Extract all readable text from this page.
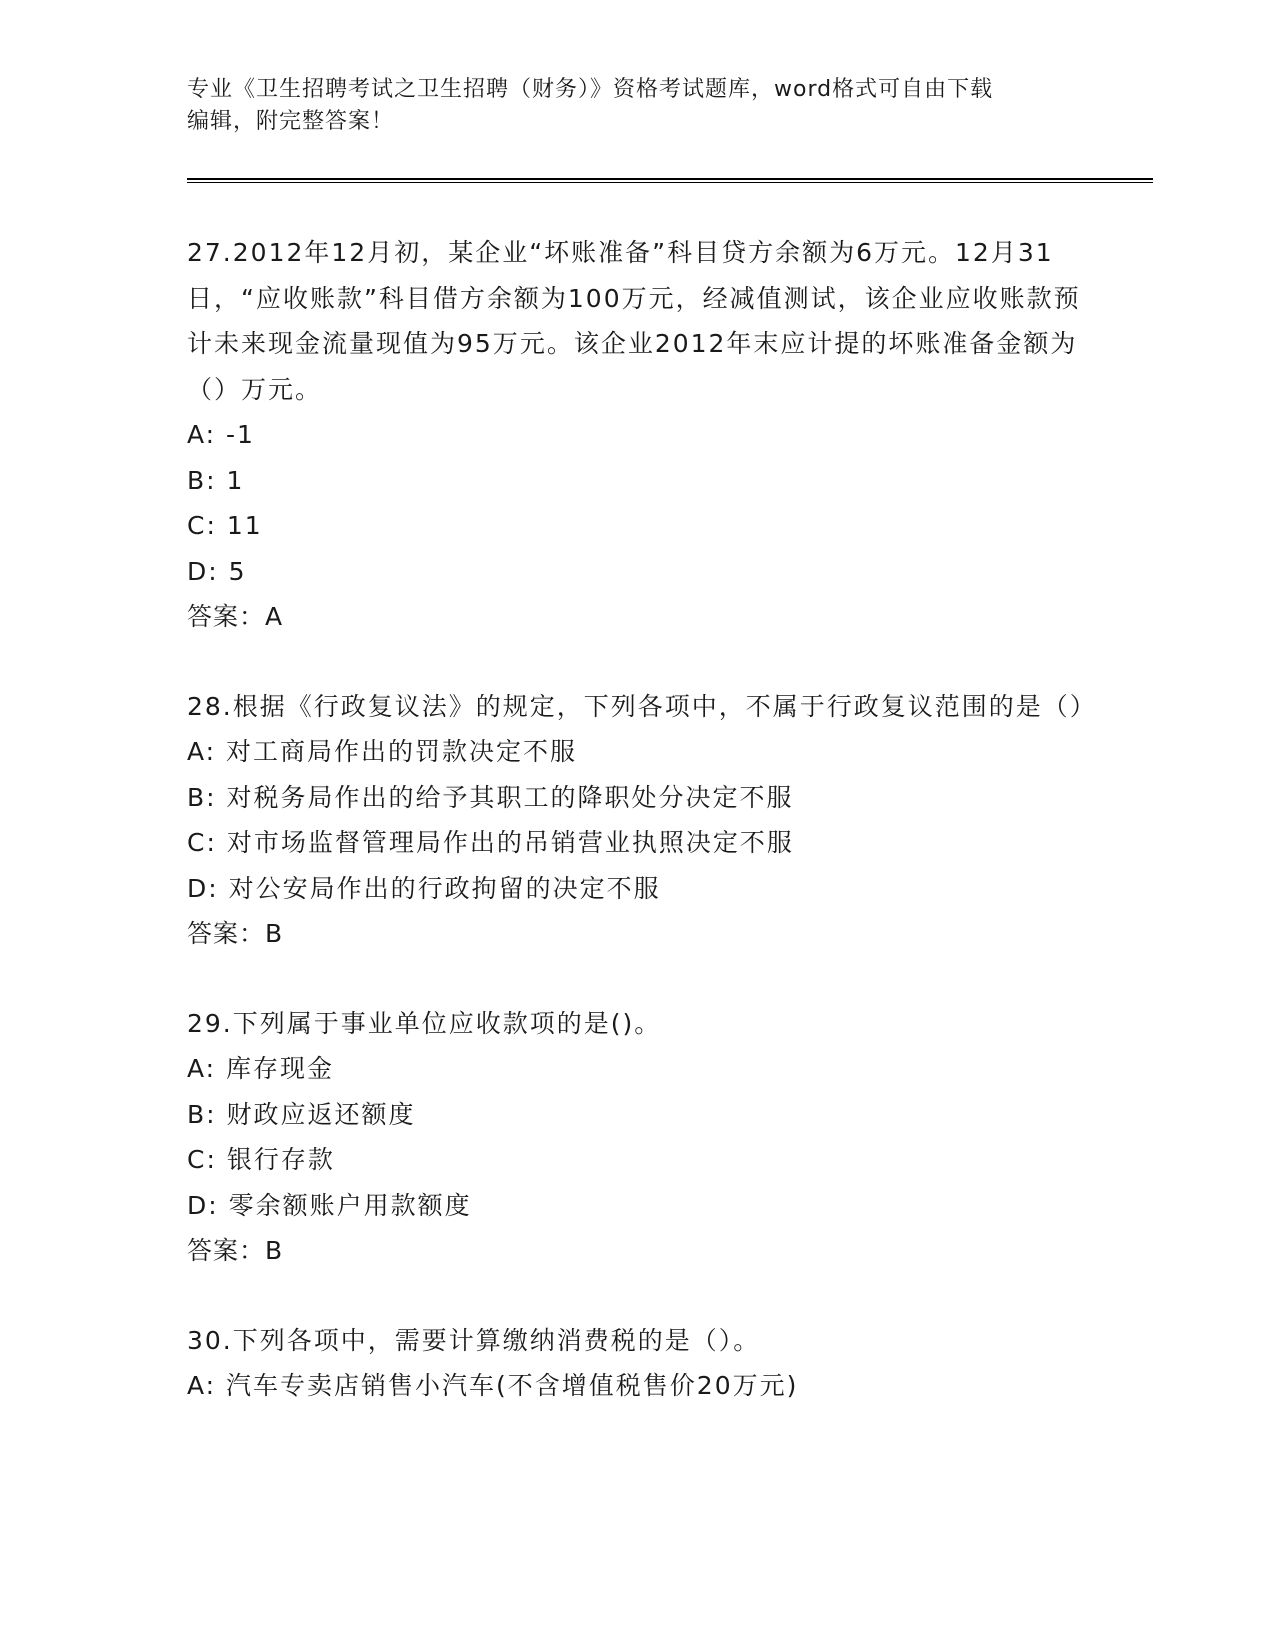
专业《卫生招聘考试之卫生招聘（财务）》资格考试题库，word格式可自由下载
编辑，附完整答案！

27.2012年12月初，某企业“坏账准备”科目贷方余额为6万元。12月31日，“应收账款”科目借方余额为100万元，经减值测试，该企业应收账款预计未来现金流量现值为95万元。该企业2012年末应计提的坏账准备金额为（）万元。

A: -1

B: 1

C: 11

D: 5

答案：A

28.根据《行政复议法》的规定，下列各项中，不属于行政复议范围的是（）

A: 对工商局作出的罚款决定不服

B: 对税务局作出的给予其职工的降职处分决定不服

C: 对市场监督管理局作出的吊销营业执照决定不服

D: 对公安局作出的行政拘留的决定不服

答案：B

29.下列属于事业单位应收款项的是()。

A: 库存现金

B: 财政应返还额度

C: 银行存款

D: 零余额账户用款额度

答案：B

30.下列各项中，需要计算缴纳消费税的是（）。

A: 汽车专卖店销售小汽车(不含增值税售价20万元)
